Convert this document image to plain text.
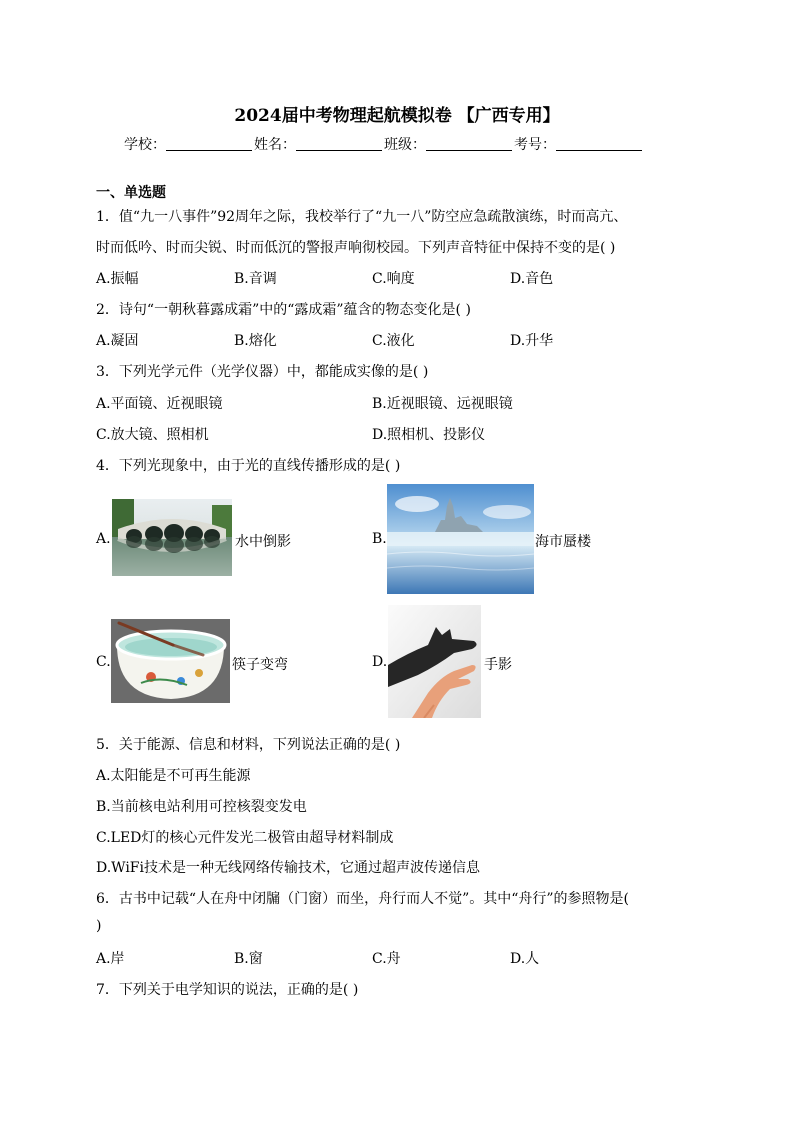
2024届中考物理起航模拟卷 【广西专用】
学校：	姓名：	班级：	考号：
一、单选题
1．值“九一八事件”92周年之际，我校举行了“九一八”防空应急疏散演练，时而高亢、
时而低吟、时而尖锐、时而低沉的警报声响彻校园。下列声音特征中保持不变的是( )
A.振幅	B.音调	C.响度	D.音色
2．诗句“一朝秋暮露成霜”中的“露成霜”蕴含的物态变化是( )
A.凝固	B.熔化	C.液化	D.升华
3．下列光学元件（光学仪器）中，都能成实像的是( )
A.平面镜、近视眼镜	B.近视眼镜、远视眼镜
C.放大镜、照相机	D.照相机、投影仪
4．下列光现象中，由于光的直线传播形成的是( )
A.	水中倒影	B.	海市蜃楼
C.	筷子变弯	D.	手影
5．关于能源、信息和材料，下列说法正确的是( )
A.太阳能是不可再生能源
B.当前核电站利用可控核裂变发电
C.LED灯的核心元件发光二极管由超导材料制成
D.WiFi技术是一种无线网络传输技术，它通过超声波传递信息
6．古书中记载“人在舟中闭牖（门窗）而坐，舟行而人不觉”。其中“舟行”的参照物是(
)
A.岸	B.窗	C.舟	D.人
7．下列关于电学知识的说法，正确的是( )
